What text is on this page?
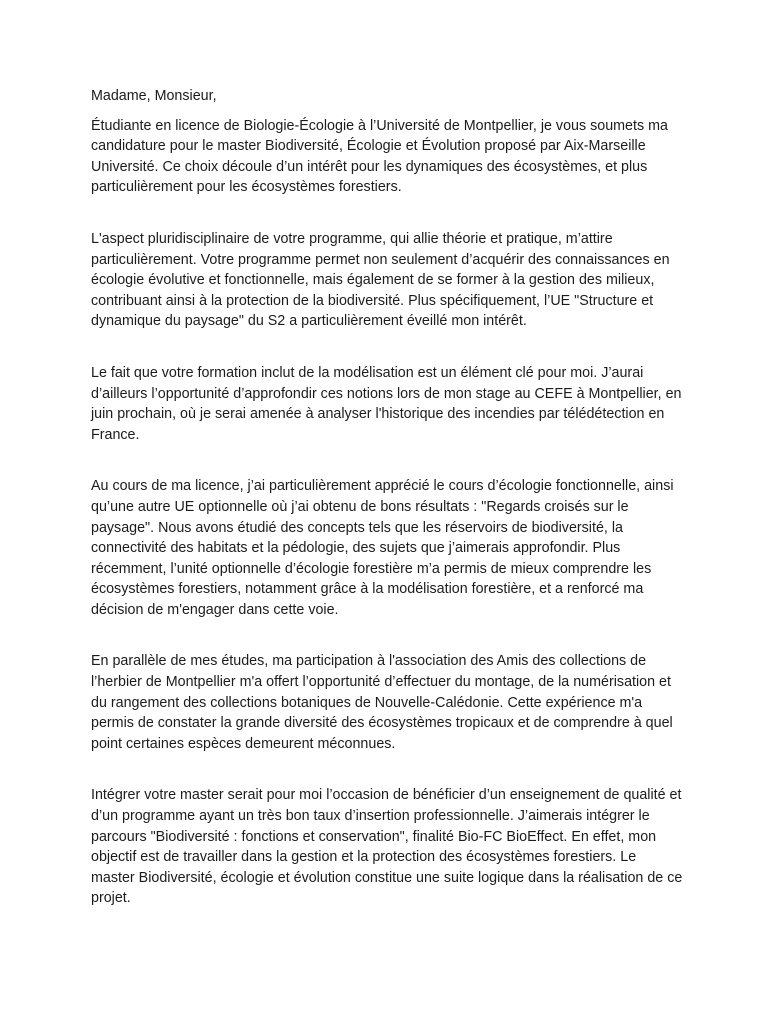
Madame, Monsieur,

Étudiante en licence de Biologie-Écologie à l’Université de Montpellier, je vous soumets ma candidature pour le master Biodiversité, Écologie et Évolution proposé par Aix-Marseille Université. Ce choix découle d’un intérêt pour les dynamiques des écosystèmes, et plus particulièrement pour les écosystèmes forestiers.

L'aspect pluridisciplinaire de votre programme, qui allie théorie et pratique, m’attire particulièrement. Votre programme permet non seulement d’acquérir des connaissances en écologie évolutive et fonctionnelle, mais également de se former à la gestion des milieux, contribuant ainsi à la protection de la biodiversité. Plus spécifiquement, l’UE "Structure et dynamique du paysage" du S2 a particulièrement éveillé mon intérêt.

Le fait que votre formation inclut de la modélisation est un élément clé pour moi. J’aurai d’ailleurs l’opportunité d’approfondir ces notions lors de mon stage au CEFE à Montpellier, en juin prochain, où je serai amenée à analyser l'historique des incendies par télédétection en France.

Au cours de ma licence, j’ai particulièrement apprécié le cours d’écologie fonctionnelle, ainsi qu’une autre UE optionnelle où j’ai obtenu de bons résultats : "Regards croisés sur le paysage". Nous avons étudié des concepts tels que les réservoirs de biodiversité, la connectivité des habitats et la pédologie, des sujets que j’aimerais approfondir. Plus récemment, l’unité optionnelle d’écologie forestière m’a permis de mieux comprendre les écosystèmes forestiers, notamment grâce à la modélisation forestière, et a renforcé ma décision de m'engager dans cette voie.

En parallèle de mes études, ma participation à l'association des Amis des collections de l’herbier de Montpellier m'a offert l’opportunité d’effectuer du montage, de la numérisation et du rangement des collections botaniques de Nouvelle-Calédonie. Cette expérience m'a permis de constater la grande diversité des écosystèmes tropicaux et de comprendre à quel point certaines espèces demeurent méconnues.

Intégrer votre master serait pour moi l’occasion de bénéficier d’un enseignement de qualité et d’un programme ayant un très bon taux d’insertion professionnelle. J’aimerais intégrer le parcours "Biodiversité : fonctions et conservation", finalité Bio-FC BioEffect. En effet, mon objectif est de travailler dans la gestion et la protection des écosystèmes forestiers. Le master Biodiversité, écologie et évolution constitue une suite logique dans la réalisation de ce projet.
